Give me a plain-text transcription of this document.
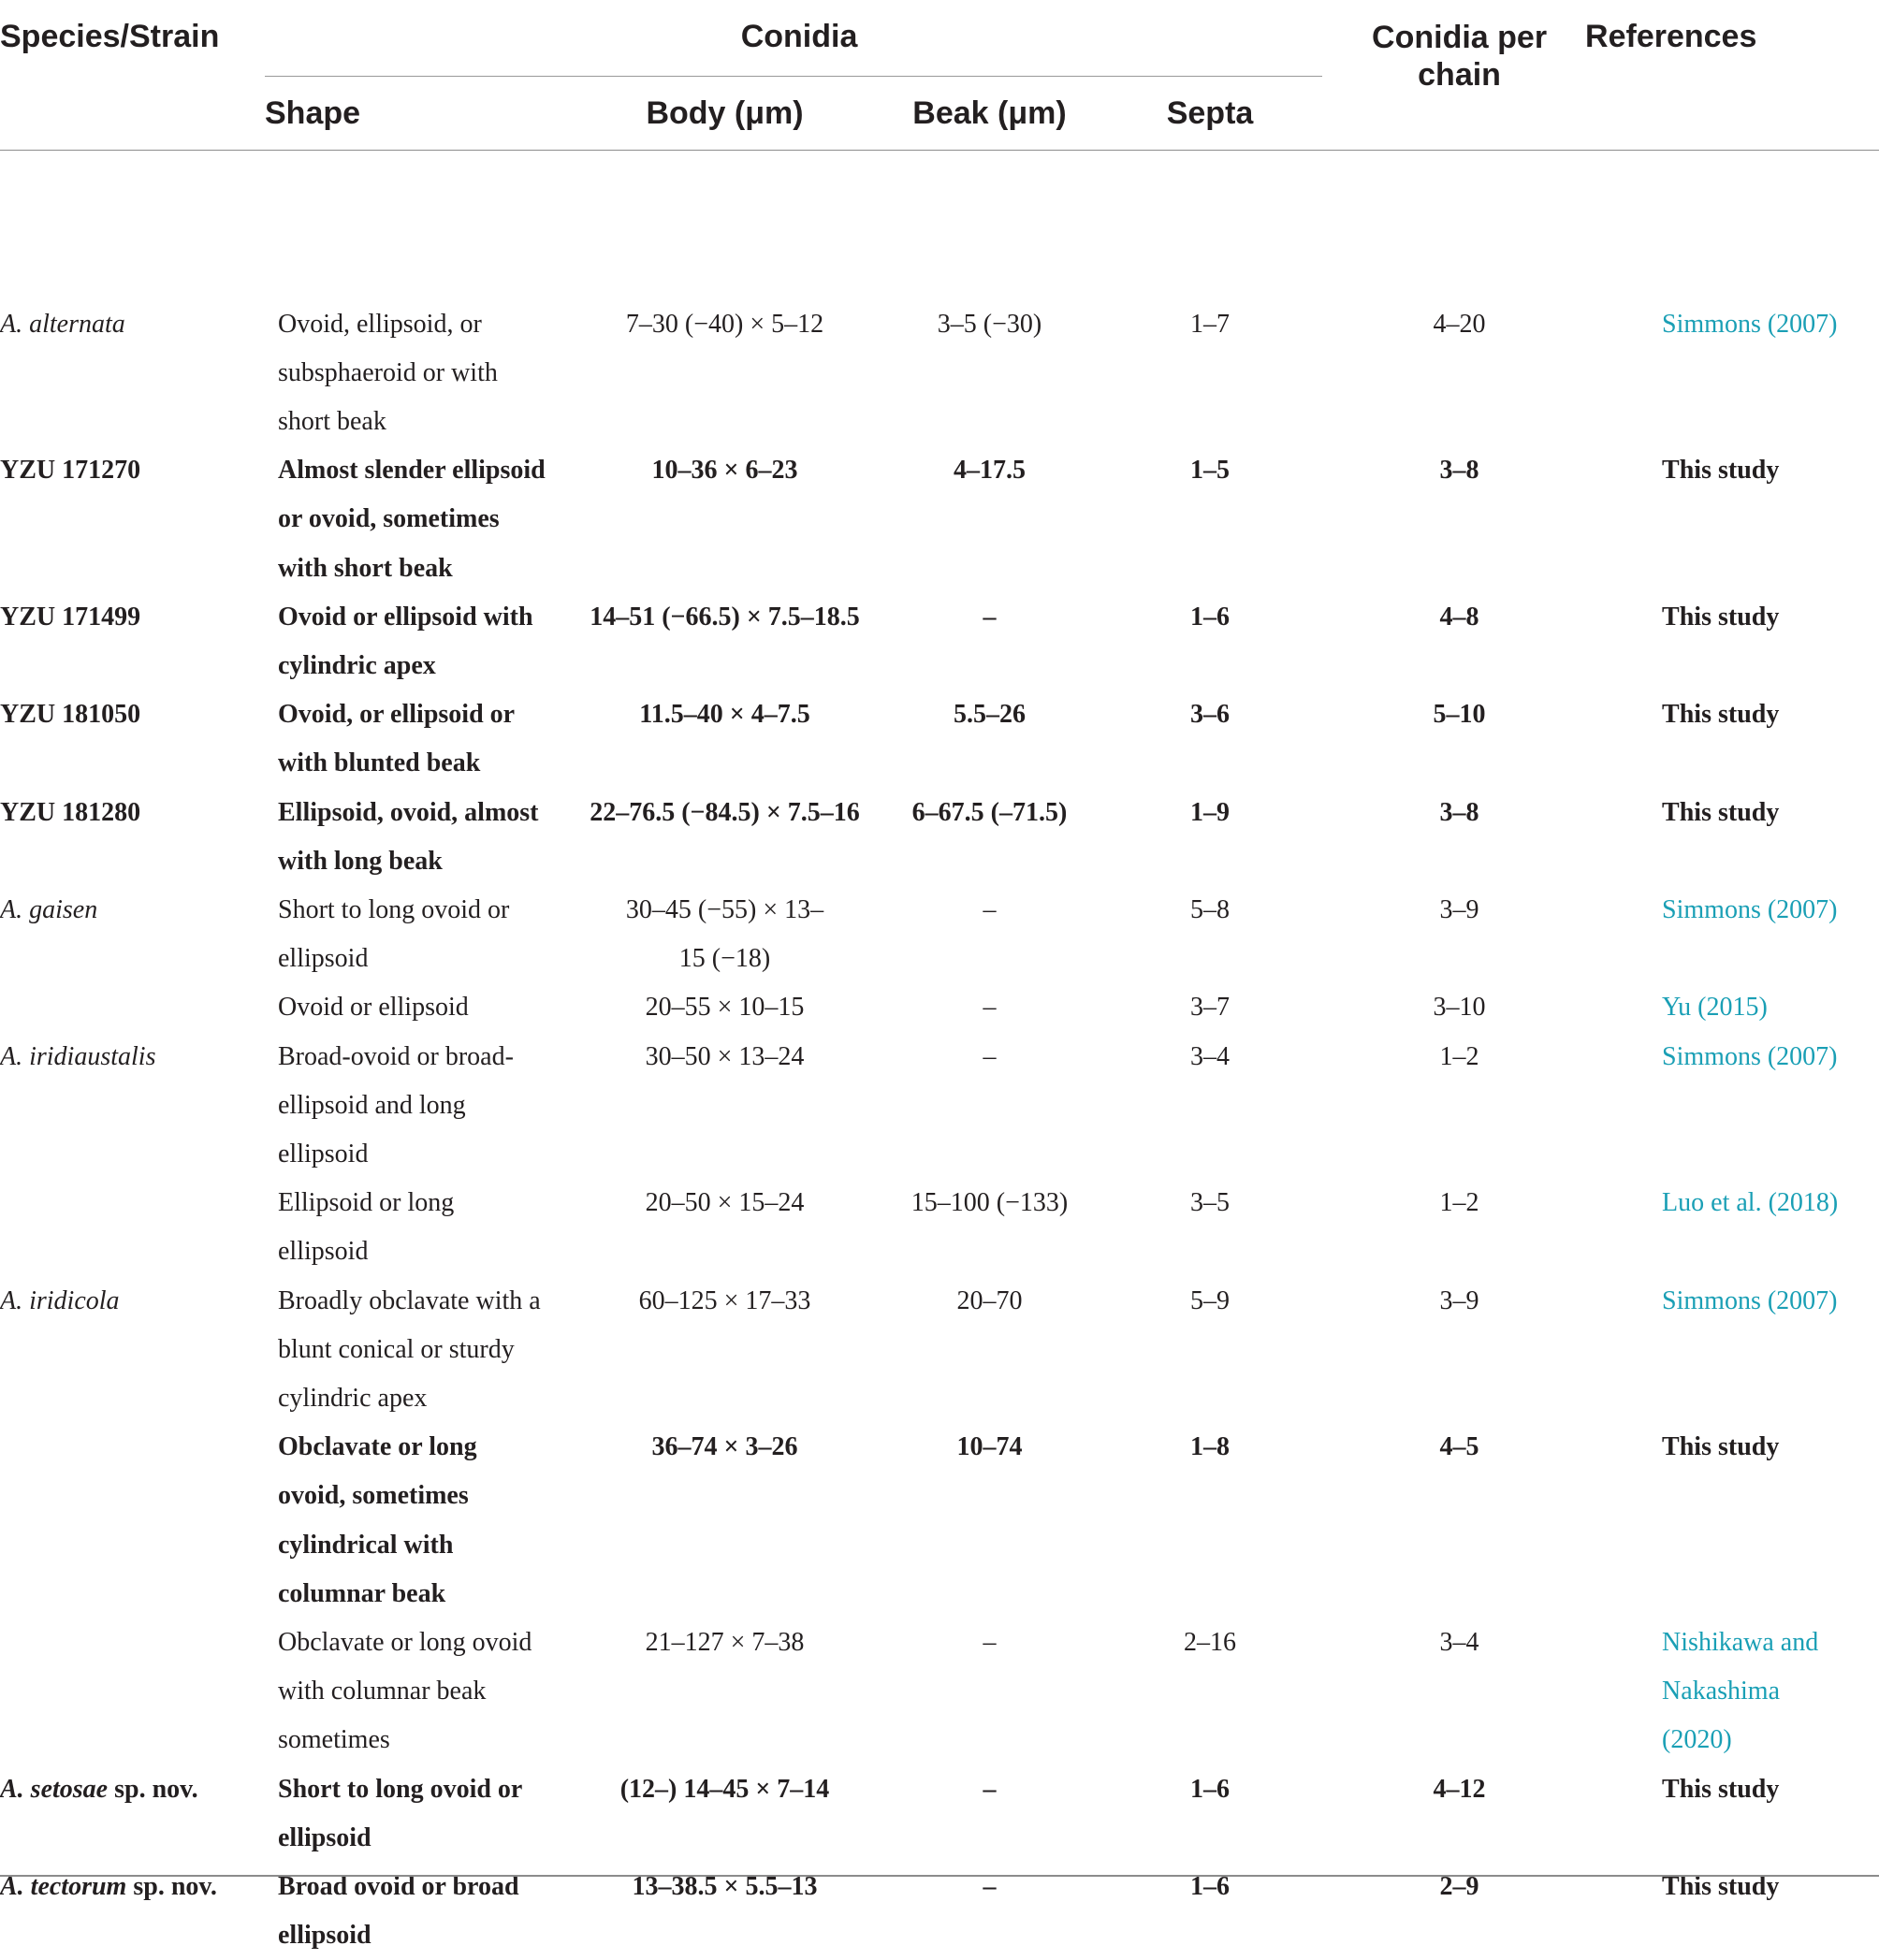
Species/Strain	Conidia				Conidia per
chain	References
	Shape	Body (μm)	Beak (μm)	Septa		
A. alternata	Ovoid, ellipsoid, or subsphaeroid or with short beak	7–30 (−40) × 5–12	3–5 (−30)	1–7	4–20	Simmons (2007)
YZU 171270	Almost slender ellipsoid or ovoid, sometimes with short beak	10–36 × 6–23	4–17.5	1–5	3–8	This study
YZU 171499	Ovoid or ellipsoid with cylindric apex	14–51 (−66.5) × 7.5–18.5	–	1–6	4–8	This study
YZU 181050	Ovoid, or ellipsoid or with blunted beak	11.5–40 × 4–7.5	5.5–26	3–6	5–10	This study
YZU 181280	Ellipsoid, ovoid, almost with long beak	22–76.5 (−84.5) × 7.5–16	6–67.5 (–71.5)	1–9	3–8	This study
A. gaisen	Short to long ovoid or ellipsoid	30–45 (−55) × 13–15 (−18)	–	5–8	3–9	Simmons (2007)
	Ovoid or ellipsoid	20–55 × 10–15	–	3–7	3–10	Yu (2015)
A. iridiaustalis	Broad-ovoid or broad-ellipsoid and long ellipsoid	30–50 × 13–24	–	3–4	1–2	Simmons (2007)
	Ellipsoid or long ellipsoid	20–50 × 15–24	15–100 (−133)	3–5	1–2	Luo et al. (2018)
A. iridicola	Broadly obclavate with a blunt conical or sturdy cylindric apex	60–125 × 17–33	20–70	5–9	3–9	Simmons (2007)
	Obclavate or long ovoid, sometimes cylindrical with columnar beak	36–74 × 3–26	10–74	1–8	4–5	This study
	Obclavate or long ovoid with columnar beak sometimes	21–127 × 7–38	–	2–16	3–4	Nishikawa and Nakashima (2020)
A. setosae sp. nov.	Short to long ovoid or ellipsoid	(12–) 14–45 × 7–14	–	1–6	4–12	This study
A. tectorum sp. nov.	Broad ovoid or broad ellipsoid	13–38.5 × 5.5–13	–	1–6	2–9	This study
